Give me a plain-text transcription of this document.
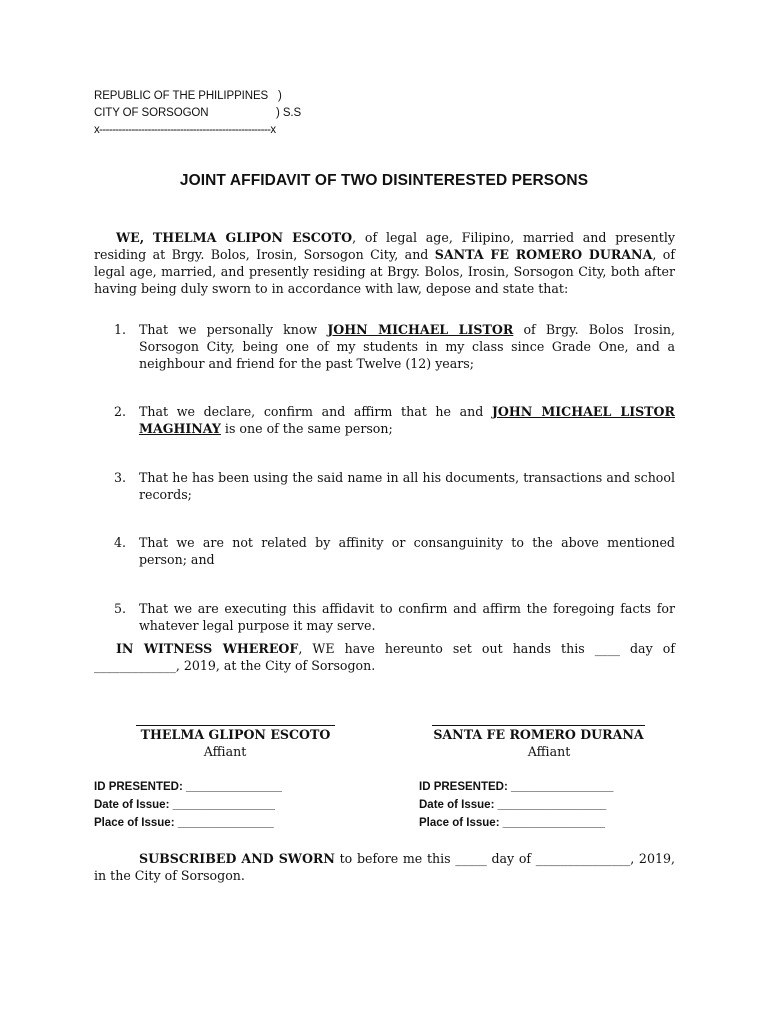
REPUBLIC OF THE PHILIPPINES )
CITY OF SORSOGON	) S.S
x-----------------------------------------------------x
JOINT AFFIDAVIT OF TWO DISINTERESTED PERSONS
WE, THELMA GLIPON ESCOTO, of legal age, Filipino, married and presently residing at Brgy. Bolos, Irosin, Sorsogon City, and SANTA FE ROMERO DURANA, of legal age, married, and presently residing at Brgy. Bolos, Irosin, Sorsogon City, both after having being duly sworn to in accordance with law, depose and state that:
1. That we personally know JOHN MICHAEL LISTOR of Brgy. Bolos Irosin, Sorsogon City, being one of my students in my class since Grade One, and a neighbour and friend for the past Twelve (12) years;
2. That we declare, confirm and affirm that he and JOHN MICHAEL LISTOR MAGHINAY is one of the same person;
3. That he has been using the said name in all his documents, transactions and school records;
4. That we are not related by affinity or consanguinity to the above mentioned person; and
5. That we are executing this affidavit to confirm and affirm the foregoing facts for whatever legal purpose it may serve.
IN WITNESS WHEREOF, WE have hereunto set out hands this ____ day of _____________, 2019, at the City of Sorsogon.
THELMA GLIPON ESCOTO
Affiant
SANTA FE ROMERO DURANA
Affiant
ID PRESENTED: _______________
Date of Issue: ________________
Place of Issue: _______________
ID PRESENTED: ________________
Date of Issue: _________________
Place of Issue: ________________
SUBSCRIBED AND SWORN to before me this _____ day of _______________, 2019, in the City of Sorsogon.
